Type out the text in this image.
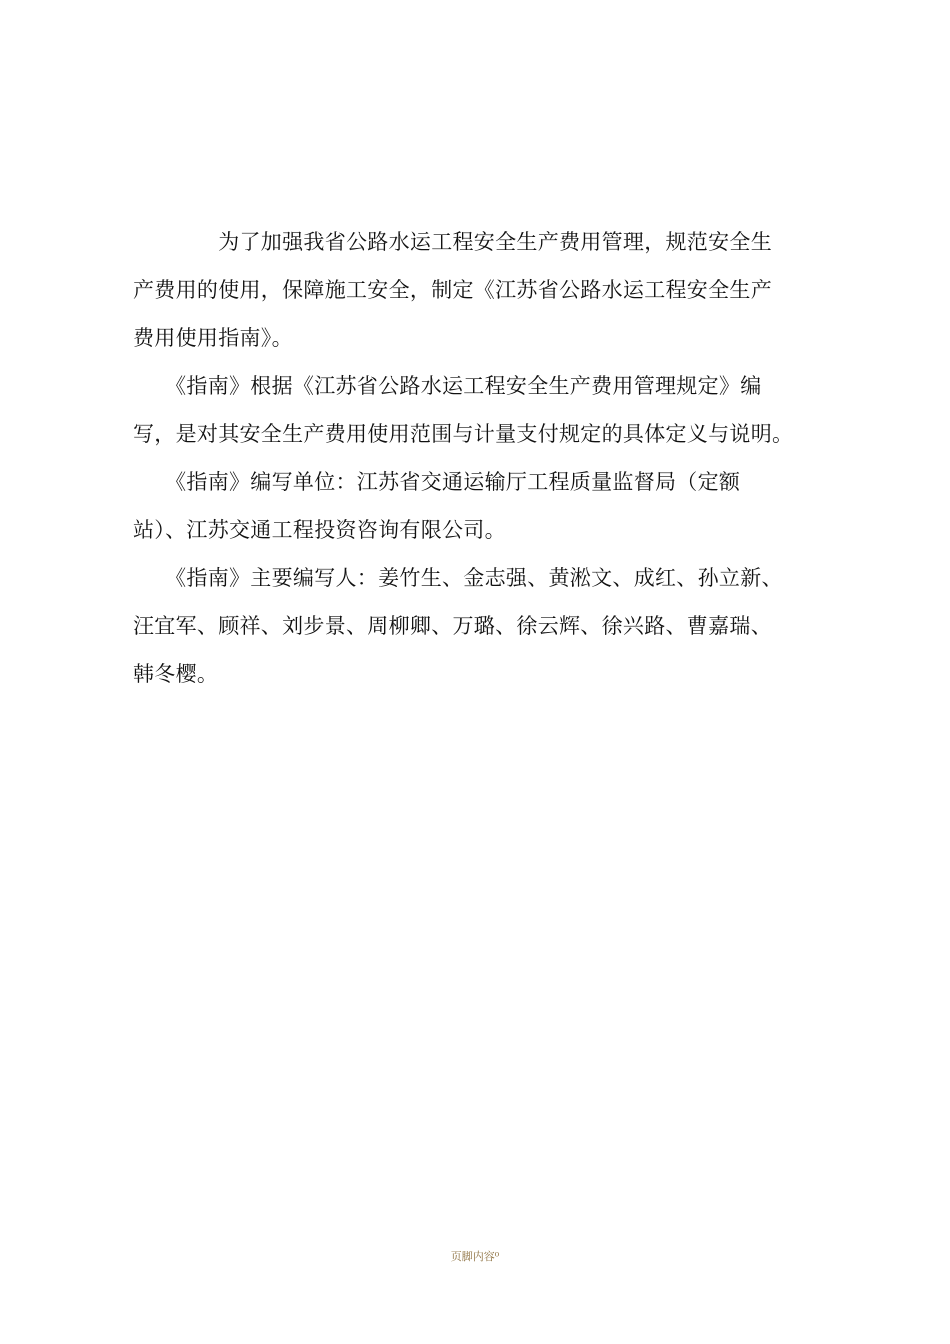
　　　　为了加强我省公路水运工程安全生产费用管理，规范安全生
产费用的使用，保障施工安全，制定《江苏省公路水运工程安全生产
费用使用指南》。
　　《指南》根据《江苏省公路水运工程安全生产费用管理规定》编
写，是对其安全生产费用使用范围与计量支付规定的具体定义与说明。
　　《指南》编写单位：江苏省交通运输厅工程质量监督局（定额
站）、江苏交通工程投资咨询有限公司。
　　《指南》主要编写人：姜竹生、金志强、黄淞文、成红、孙立新、
汪宜军、顾祥、刘步景、周柳卿、万璐、徐云辉、徐兴路、曹嘉瑞、
韩冬樱。
页脚内容⁰
